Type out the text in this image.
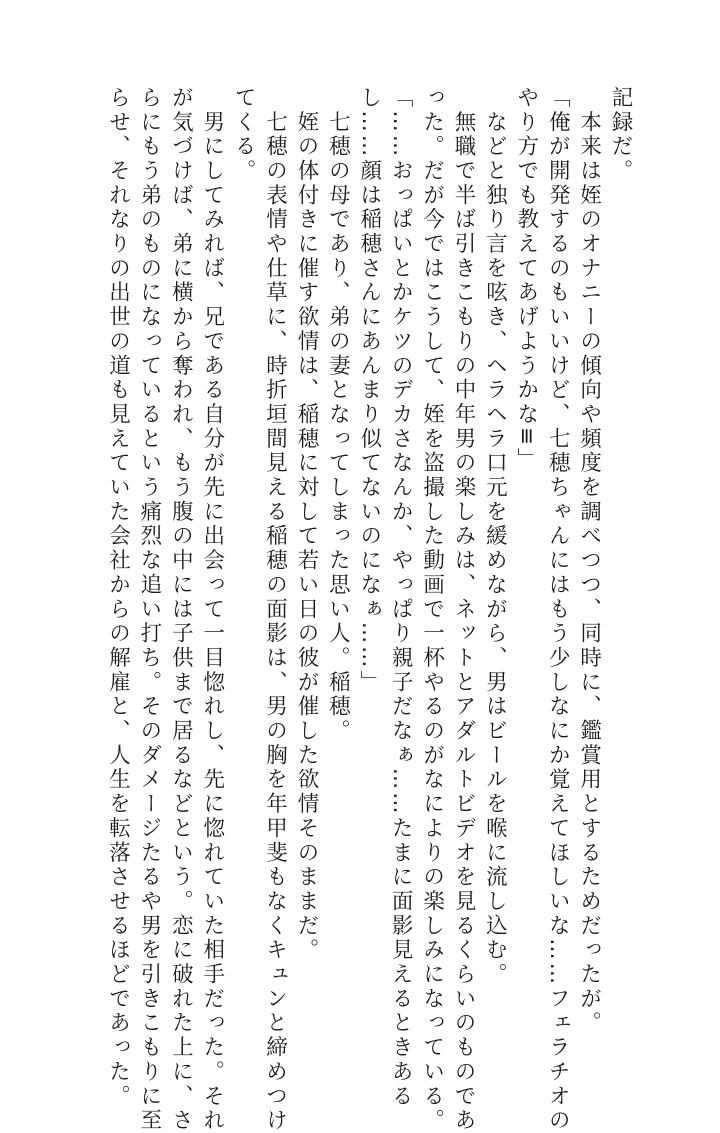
記録だ。
　本来は姪のオナニーの傾向や頻度を調べつつ、同時に、鑑賞用とするためだったが。
「俺が開発するのもいいけど、七穂ちゃんにはもう少しなにか覚えてほしいな……フェラチオの
やり方でも教えてあげようかな≡」
　などと独り言を呟き、ヘラヘラ口元を緩めながら、男はビールを喉に流し込む。
　無職で半ば引きこもりの中年男の楽しみは、ネットとアダルトビデオを見るくらいのものであ
った。だが今ではこうして、姪を盗撮した動画で一杯やるのがなによりの楽しみになっている。
「……おっぱいとかケツのデカさなんか、やっぱり親子だなぁ……たまに面影見えるときある
し……顔は稲穂さんにあんまり似てないのになぁ……」
　七穂の母であり、弟の妻となってしまった思い人。稲穂。
　姪の体付きに催す欲情は、稲穂に対して若い日の彼が催した欲情そのままだ。
　七穂の表情や仕草に、時折垣間見える稲穂の面影は、男の胸を年甲斐もなくキュンと締めつけ
てくる。
　男にしてみれば、兄である自分が先に出会って一目惚れし、先に惚れていた相手だった。それ
が気づけば、弟に横から奪われ、もう腹の中には子供まで居るなどという。恋に破れた上に、さ
らにもう弟のものになっているという痛烈な追い打ち。そのダメージたるや男を引きこもりに至
らせ、それなりの出世の道も見えていた会社からの解雇と、人生を転落させるほどであった。
